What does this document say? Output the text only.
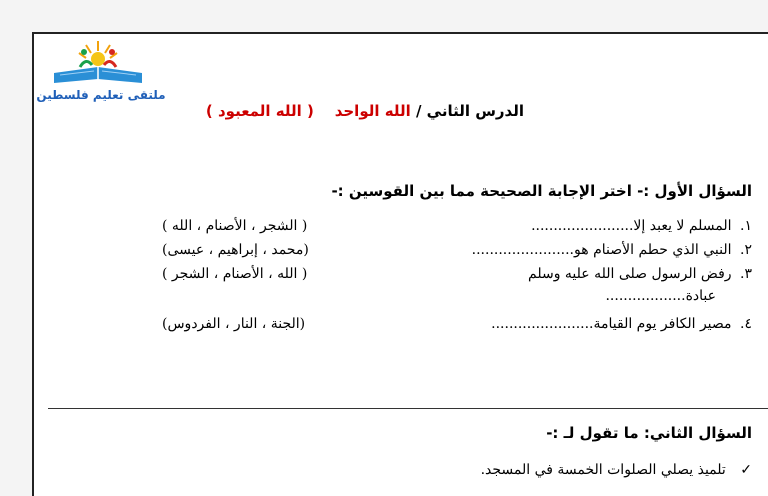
ملتقى تعليم فلسطين
الدرس الثاني / الله الواحد    ( الله المعبود )
السؤال الأول :- اختر الإجابة الصحيحة مما بين القوسين :-
١. المسلم لا يعبد إلا.......................
( الشجر ، الأصنام ، الله )
٢. النبي الذي حطم الأصنام هو.......................
(محمد ، إبراهيم ، عيسى)
٣. رفض الرسول صلى الله عليه وسلم
عبادة..................
( الله ، الأصنام ، الشجر )
٤. مصير الكافر يوم القيامة.......................
(الجنة ، النار ، الفردوس)
السؤال الثاني: ما تقول لـ :-
✓ تلميذ يصلي الصلوات الخمسة في المسجد.
